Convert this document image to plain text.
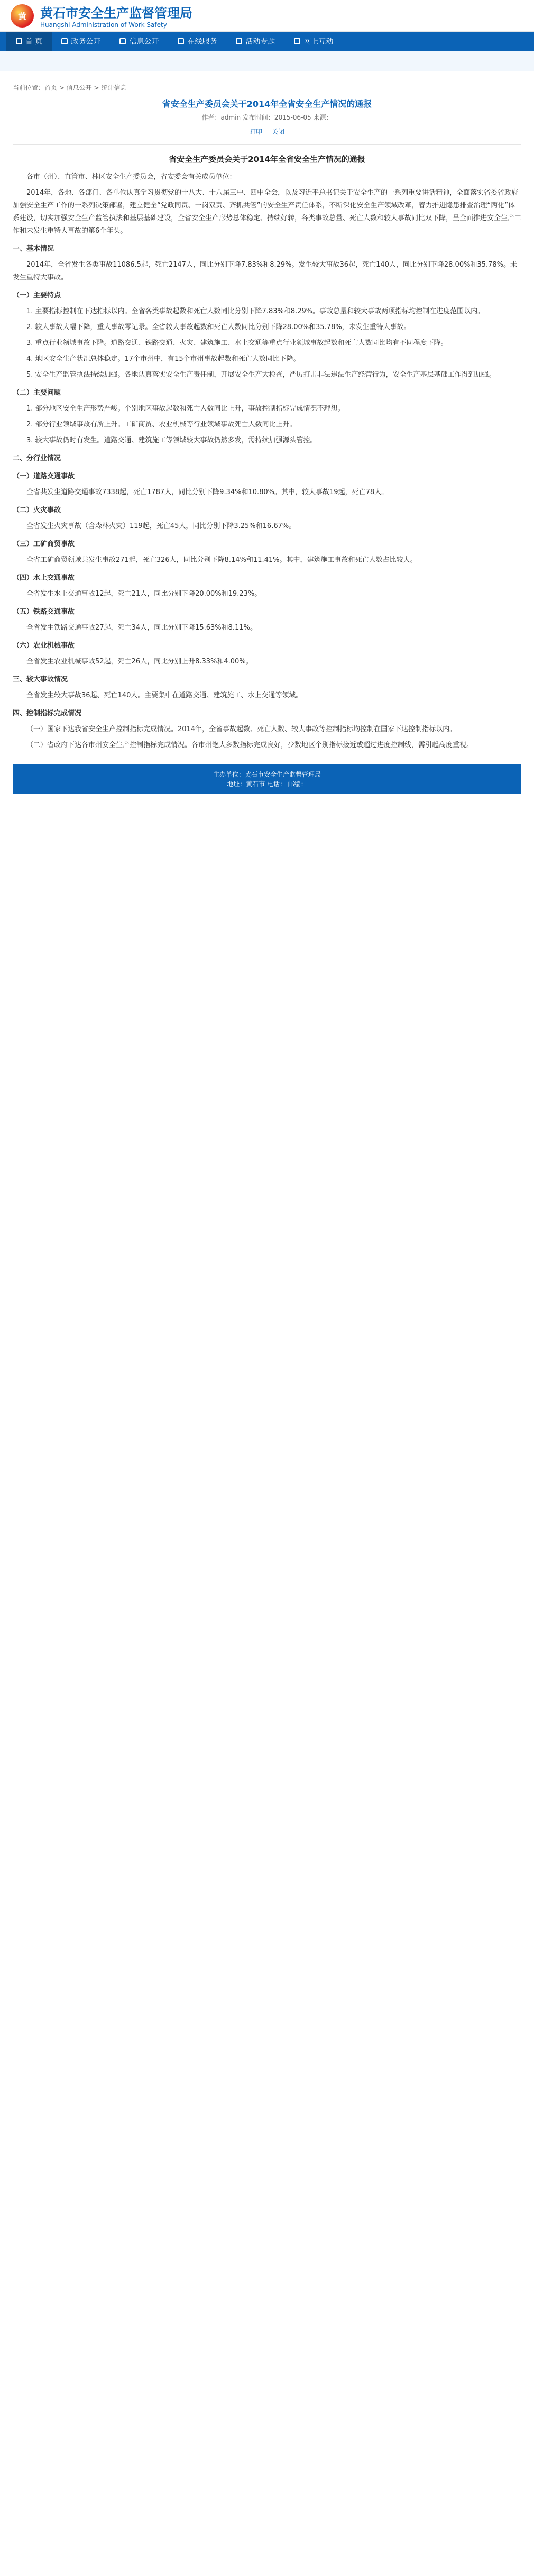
黄 黄石市安全生产监督管理局
Huangshi Administration of Work Safety
首 页	政务公开	信息公开	在线服务	活动专题	网上互动
当前位置：首页 > 信息公开 > 统计信息
省安全生产委员会关于2014年全省安全生产情况的通报
作者：admin 发布时间：2015-06-05 来源：
打印 关闭
省安全生产委员会关于2014年全省安全生产情况的通报
各市（州）、直管市、林区安全生产委员会，省安委会有关成员单位：
2014年，各地、各部门、各单位认真学习贯彻党的十八大、十八届三中、四中全会，以及习近平总书记关于安全生产的一系列重要讲话精神，全面落实省委省政府加强安全生产工作的一系列决策部署，建立健全“党政同责、一岗双责、齐抓共管”的安全生产责任体系，不断深化安全生产领域改革，着力推进隐患排查治理“两化”体系建设，切实加强安全生产监管执法和基层基础建设，全省安全生产形势总体稳定、持续好转，各类事故总量、死亡人数和较大事故同比双下降，呈全面推进安全生产工作和未发生重特大事故的第6个年头。
一、基本情况
2014年，全省发生各类事故11086.5起，死亡2147人，同比分别下降7.83%和8.29%。发生较大事故36起，死亡140人，同比分别下降28.00%和35.78%。未发生重特大事故。
（一）主要特点
1. 主要指标控制在下达指标以内。全省各类事故起数和死亡人数同比分别下降7.83%和8.29%。事故总量和较大事故两项指标均控制在进度范围以内。
2. 较大事故大幅下降，重大事故零记录。全省较大事故起数和死亡人数同比分别下降28.00%和35.78%，未发生重特大事故。
3. 重点行业领域事故下降。道路交通、铁路交通、火灾、建筑施工、水上交通等重点行业领域事故起数和死亡人数同比均有不同程度下降。
4. 地区安全生产状况总体稳定。17个市州中，有15个市州事故起数和死亡人数同比下降。
5. 安全生产监管执法持续加强。各地认真落实安全生产责任制，开展安全生产大检查，严厉打击非法违法生产经营行为，安全生产基层基础工作得到加强。
（二）主要问题
1. 部分地区安全生产形势严峻。个别地区事故起数和死亡人数同比上升，事故控制指标完成情况不理想。
2. 部分行业领域事故有所上升。工矿商贸、农业机械等行业领域事故死亡人数同比上升。
3. 较大事故仍时有发生。道路交通、建筑施工等领域较大事故仍然多发，需持续加强源头管控。
二、分行业情况
（一）道路交通事故
全省共发生道路交通事故7338起，死亡1787人，同比分别下降9.34%和10.80%。其中，较大事故19起，死亡78人。
（二）火灾事故
全省发生火灾事故（含森林火灾）119起，死亡45人，同比分别下降3.25%和16.67%。
（三）工矿商贸事故
全省工矿商贸领域共发生事故271起，死亡326人，同比分别下降8.14%和11.41%。其中，建筑施工事故和死亡人数占比较大。
（四）水上交通事故
全省发生水上交通事故12起，死亡21人，同比分别下降20.00%和19.23%。
（五）铁路交通事故
全省发生铁路交通事故27起，死亡34人，同比分别下降15.63%和8.11%。
（六）农业机械事故
全省发生农业机械事故52起，死亡26人，同比分别上升8.33%和4.00%。
三、较大事故情况
全省发生较大事故36起、死亡140人。主要集中在道路交通、建筑施工、水上交通等领域。
四、控制指标完成情况
（一）国家下达我省安全生产控制指标完成情况。2014年，全省事故起数、死亡人数、较大事故等控制指标均控制在国家下达控制指标以内。
（二）省政府下达各市州安全生产控制指标完成情况。各市州绝大多数指标完成良好，少数地区个别指标接近或超过进度控制线，需引起高度重视。
主办单位：黄石市安全生产监督管理局
地址：黄石市 电话： 邮编：
